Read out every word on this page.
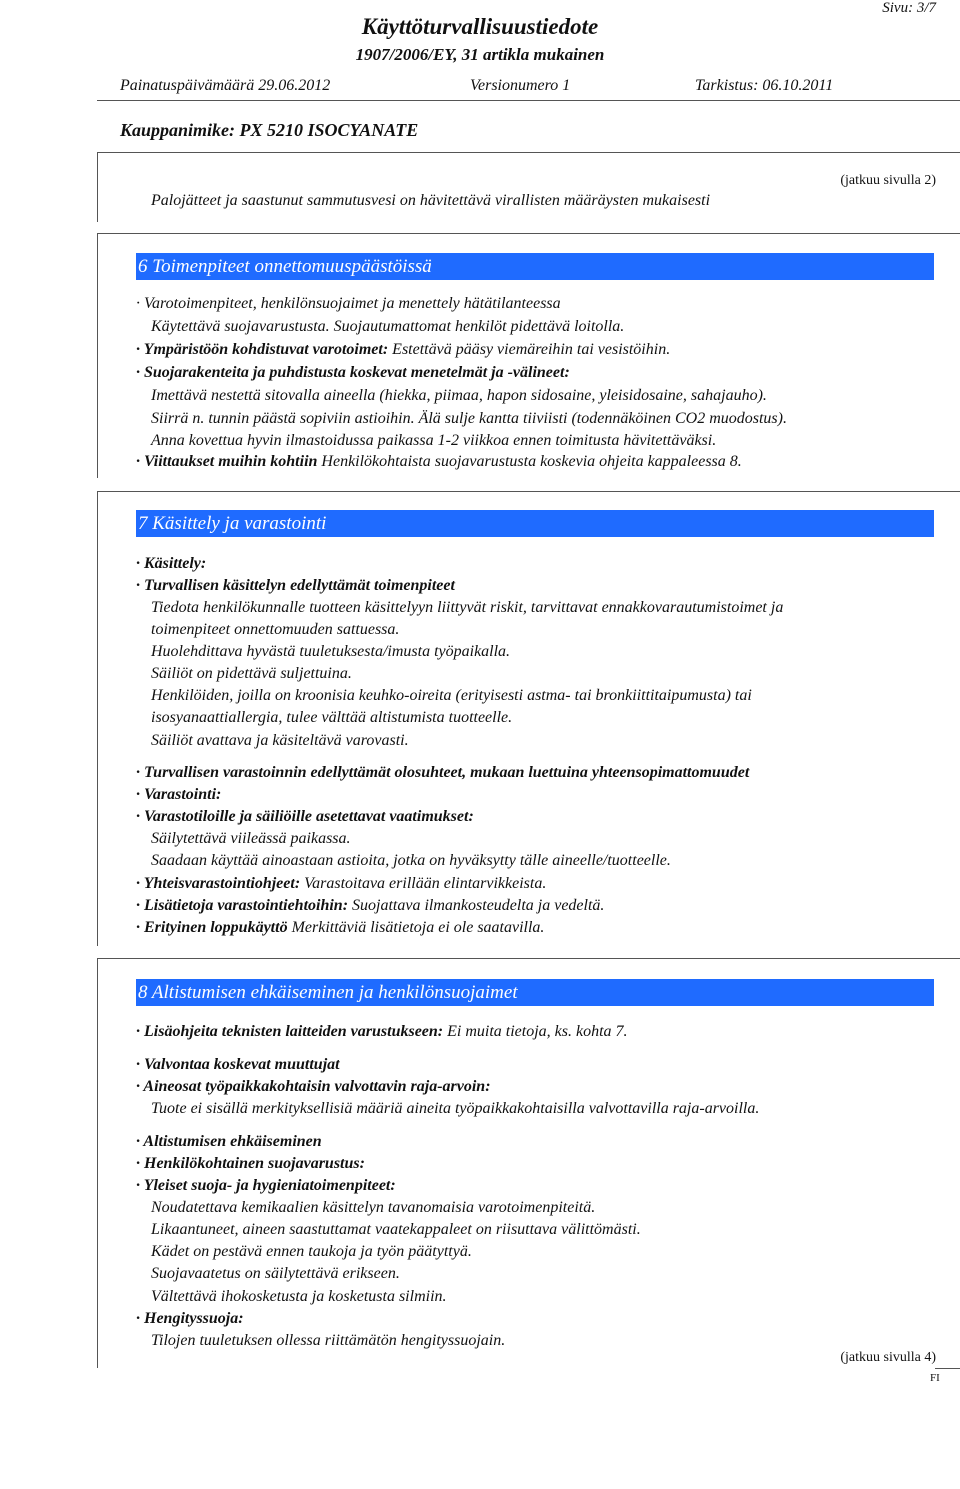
Sivu: 3/7
Käyttöturvallisuustiedote
1907/2006/EY, 31 artikla mukainen
Painatuspäivämäärä 29.06.2012	Versionumero 1	Tarkistus: 06.10.2011
Kauppanimike: PX 5210 ISOCYANATE
(jatkuu sivulla 2)
Palojätteet ja saastunut sammutusvesi on hävitettävä virallisten määräysten mukaisesti
6 Toimenpiteet onnettomuuspäästöissä
· Varotoimenpiteet, henkilönsuojaimet ja menettely hätätilanteessa
Käytettävä suojavarustusta. Suojautumattomat henkilöt pidettävä loitolla.
· Ympäristöön kohdistuvat varotoimet: Estettävä pääsy viemäreihin tai vesistöihin.
· Suojarakenteita ja puhdistusta koskevat menetelmät ja -välineet:
Imettävä nestettä sitovalla aineella (hiekka, piimaa, hapon sidosaine, yleisidosaine, sahajauho).
Siirrä n. tunnin päästä sopiviin astioihin. Älä sulje kantta tiiviisti (todennäköinen CO2 muodostus).
Anna kovettua hyvin ilmastoidussa paikassa 1-2 viikkoa ennen toimitusta hävitettäväksi.
· Viittaukset muihin kohtiin Henkilökohtaista suojavarustusta koskevia ohjeita kappaleessa 8.
7 Käsittely ja varastointi
· Käsittely:
· Turvallisen käsittelyn edellyttämät toimenpiteet
Tiedota henkilökunnalle tuotteen käsittelyyn liittyvät riskit, tarvittavat ennakkovarautumistoimet ja
toimenpiteet onnettomuuden sattuessa.
Huolehdittava hyvästä tuuletuksesta/imusta työpaikalla.
Säiliöt on pidettävä suljettuina.
Henkilöiden, joilla on kroonisia keuhko-oireita (erityisesti astma- tai bronkiittitaipumusta) tai
isosyanaattiallergia, tulee välttää altistumista tuotteelle.
Säiliöt avattava ja käsiteltävä varovasti.
· Turvallisen varastoinnin edellyttämät olosuhteet, mukaan luettuina yhteensopimattomuudet
· Varastointi:
· Varastotiloille ja säiliöille asetettavat vaatimukset:
Säilytettävä viileässä paikassa.
Saadaan käyttää ainoastaan astioita, jotka on hyväksytty tälle aineelle/tuotteelle.
· Yhteisvarastointiohjeet: Varastoitava erillään elintarvikkeista.
· Lisätietoja varastointiehtoihin: Suojattava ilmankosteudelta ja vedeltä.
· Erityinen loppukäyttö Merkittäviä lisätietoja ei ole saatavilla.
8 Altistumisen ehkäiseminen ja henkilönsuojaimet
· Lisäohjeita teknisten laitteiden varustukseen: Ei muita tietoja, ks. kohta 7.
· Valvontaa koskevat muuttujat
· Aineosat työpaikkakohtaisin valvottavin raja-arvoin:
Tuote ei sisällä merkityksellisiä määriä aineita työpaikkakohtaisilla valvottavilla raja-arvoilla.
· Altistumisen ehkäiseminen
· Henkilökohtainen suojavarustus:
· Yleiset suoja- ja hygieniatoimenpiteet:
Noudatettava kemikaalien käsittelyn tavanomaisia varotoimenpiteitä.
Likaantuneet, aineen saastuttamat vaatekappaleet on riisuttava välittömästi.
Kädet on pestävä ennen taukoja ja työn päätyttyä.
Suojavaatetus on säilytettävä erikseen.
Vältettävä ihokosketusta ja kosketusta silmiin.
· Hengityssuoja:
Tilojen tuuletuksen ollessa riittämätön hengityssuojain.
(jatkuu sivulla 4)
FI
